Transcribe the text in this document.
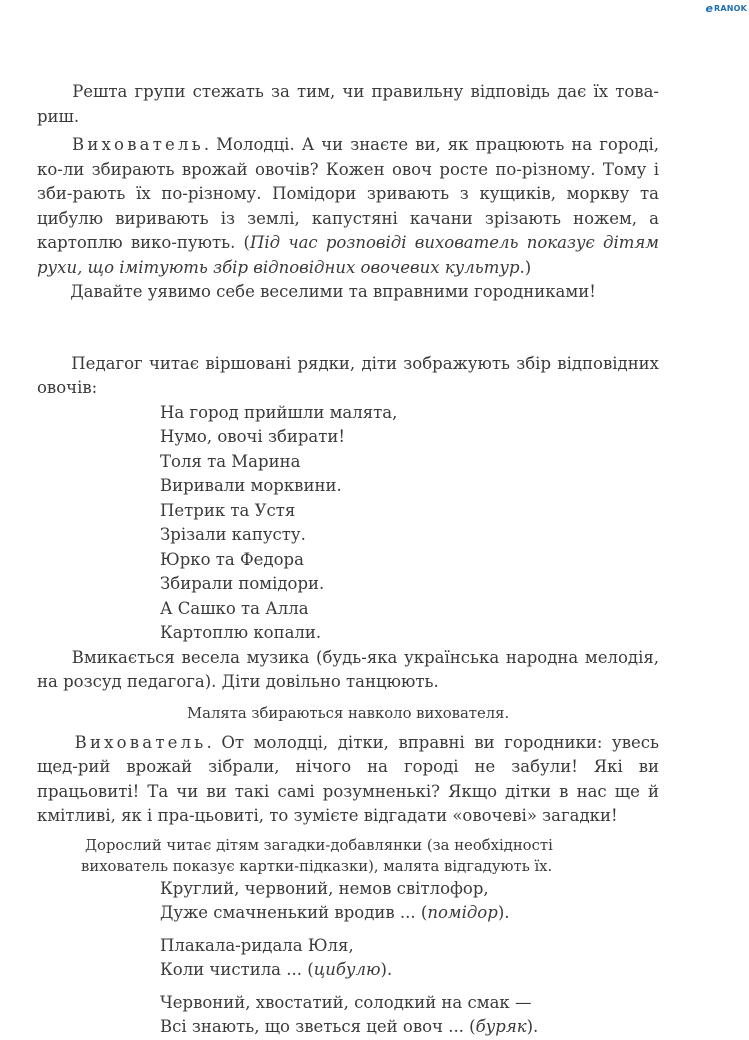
e RANOK

Решта групи стежать за тим, чи правильну відповідь дає їх това-риш.

Вихователь. Молодці. А чи знаєте ви, як працюють на городі, ко-ли збирають врожай овочів? Кожен овоч росте по-різному. Тому і зби-рають їх по-різному. Помідори зривають з кущиків, моркву та цибулю виривають із землі, капустяні качани зрізають ножем, а картоплю вико-пують. (Під час розповіді вихователь показує дітям рухи, що імітують збір відповідних овочевих культур.)

Давайте уявимо себе веселими та вправними городниками!

Педагог читає віршовані рядки, діти зображують збір відповідних овочів:

На город прийшли малята,
Нумо, овочі збирати!
Толя та Марина
Виривали морквини.
Петрик та Устя
Зрізали капусту.
Юрко та Федора
Збирали помідори.
А Сашко та Алла
Картоплю копали.

Вмикається весела музика (будь-яка українська народна мелодія, на розсуд педагога). Діти довільно танцюють.

Малята збираються навколо вихователя.

Вихователь. От молодці, дітки, вправні ви городники: увесь щед-рий врожай зібрали, нічого на городі не забули! Які ви працьовиті! Та чи ви такі самі розумненькі? Якщо дітки в нас ще й кмітливі, як і пра-цьовиті, то зумієте відгадати «овочеві» загадки!

Дорослий читає дітям загадки-добавлянки (за необхідності
вихователь показує картки-підказки), малята відгадують їх.
Круглий, червоний, немов світлофор,
Дуже смачненький вродив ... (помідор).
Плакала-ридала Юля,
Коли чистила ... (цибулю).
Червоний, хвостатий, солодкий на смак —
Всі знають, що зветься цей овоч ... (буряк).
